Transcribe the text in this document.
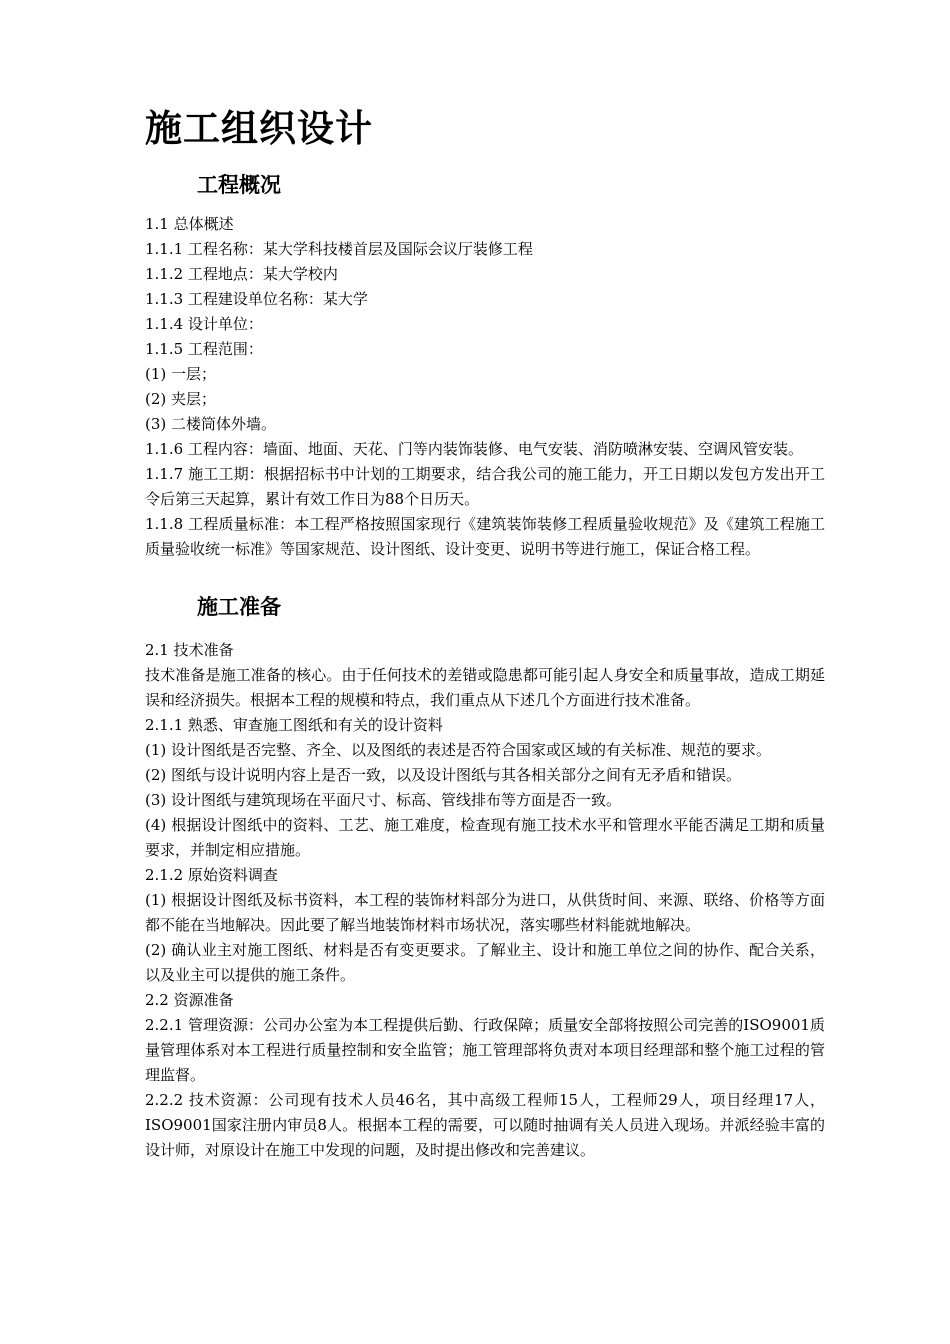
施工组织设计
工程概况

1.1 总体概述

1.1.1 工程名称：某大学科技楼首层及国际会议厅装修工程

1.1.2 工程地点：某大学校内

1.1.3 工程建设单位名称：某大学

1.1.4 设计单位：

1.1.5 工程范围：

(1) 一层；

(2) 夹层；

(3) 二楼筒体外墙。

1.1.6 工程内容：墙面、地面、天花、门等内装饰装修、电气安装、消防喷淋安装、空调风管安装。

1.1.7 施工工期：根据招标书中计划的工期要求，结合我公司的施工能力，开工日期以发包方发出开工令后第三天起算，累计有效工作日为88个日历天。

1.1.8 工程质量标准：本工程严格按照国家现行《建筑装饰装修工程质量验收规范》及《建筑工程施工质量验收统一标准》等国家规范、设计图纸、设计变更、说明书等进行施工，保证合格工程。

施工准备

2.1 技术准备

技术准备是施工准备的核心。由于任何技术的差错或隐患都可能引起人身安全和质量事故，造成工期延误和经济损失。根据本工程的规模和特点，我们重点从下述几个方面进行技术准备。

2.1.1 熟悉、审查施工图纸和有关的设计资料

(1) 设计图纸是否完整、齐全、以及图纸的表述是否符合国家或区域的有关标准、规范的要求。

(2) 图纸与设计说明内容上是否一致，以及设计图纸与其各相关部分之间有无矛盾和错误。

(3) 设计图纸与建筑现场在平面尺寸、标高、管线排布等方面是否一致。

(4) 根据设计图纸中的资料、工艺、施工难度，检查现有施工技术水平和管理水平能否满足工期和质量要求，并制定相应措施。

2.1.2 原始资料调查

(1) 根据设计图纸及标书资料，本工程的装饰材料部分为进口，从供货时间、来源、联络、价格等方面都不能在当地解决。因此要了解当地装饰材料市场状况，落实哪些材料能就地解决。

(2) 确认业主对施工图纸、材料是否有变更要求。了解业主、设计和施工单位之间的协作、配合关系，以及业主可以提供的施工条件。

2.2 资源准备

2.2.1 管理资源：公司办公室为本工程提供后勤、行政保障；质量安全部将按照公司完善的ISO9001质量管理体系对本工程进行质量控制和安全监管；施工管理部将负责对本项目经理部和整个施工过程的管理监督。

2.2.2 技术资源：公司现有技术人员46名，其中高级工程师15人，工程师29人，项目经理17人，ISO9001国家注册内审员8人。根据本工程的需要，可以随时抽调有关人员进入现场。并派经验丰富的设计师，对原设计在施工中发现的问题，及时提出修改和完善建议。
